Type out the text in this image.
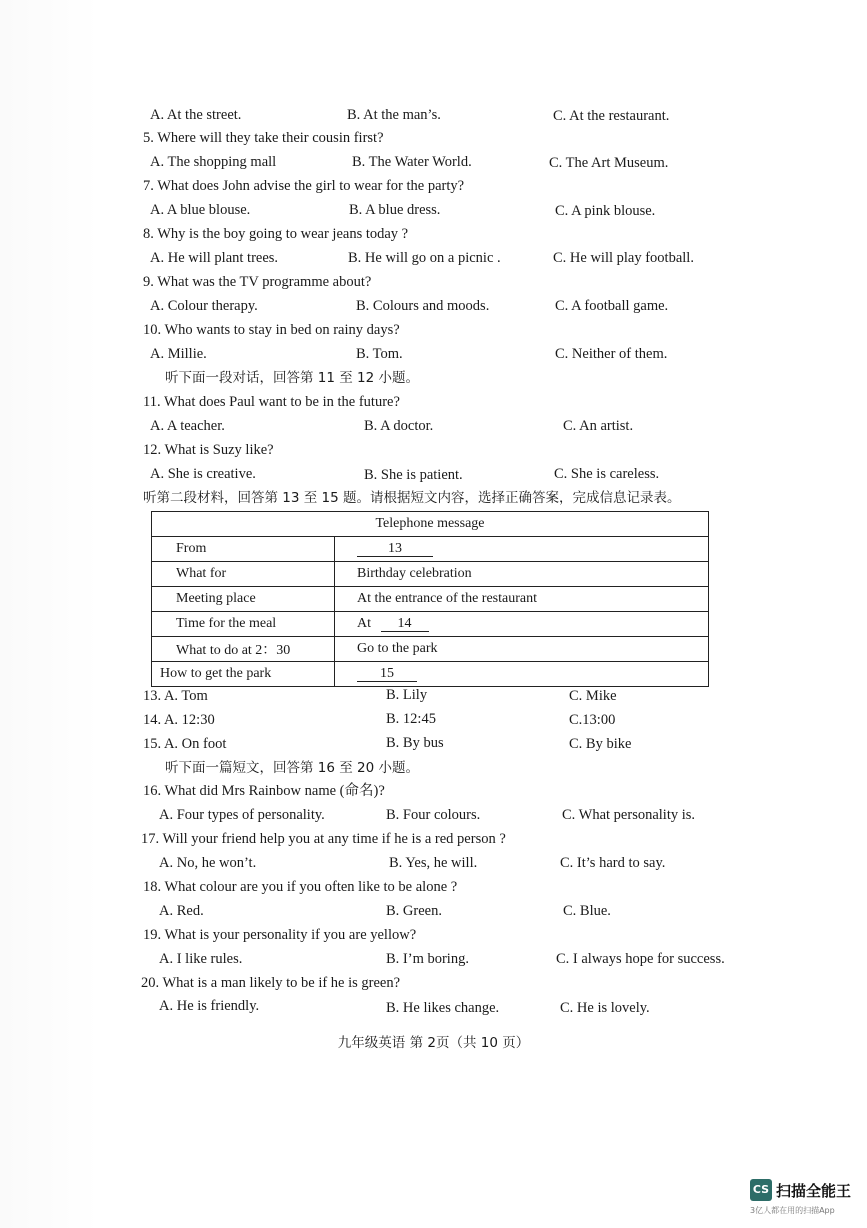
A. At the street.	B. At the man’s.	C. At the restaurant.
5. Where will they take their cousin first?
A. The shopping mall	B. The Water World.	C. The Art Museum.
7. What does John advise the girl to wear for the party?
A. A blue blouse.	B. A blue dress.	C. A pink blouse.
8. Why is the boy going to wear jeans today ?
A. He will plant trees.	B. He will go on a picnic .	C. He will play football.
9. What was the TV programme about?
A. Colour therapy.	B. Colours and moods.	C. A football game.
10. Who wants to stay in bed on rainy days?
A. Millie.	B. Tom.	C. Neither of them.
听下面一段对话，回答第 11 至 12 小题。
11. What does Paul want to be in the future?
A. A teacher.	B. A doctor.	C. An artist.
12. What is Suzy like?
A. She is creative.	B. She is patient.	C. She is careless.
听第二段材料，回答第 13 至 15 题。请根据短文内容，选择正确答案，完成信息记录表。
Telephone message	
From	13
What for	Birthday celebration
Meeting place	At the entrance of the restaurant
Time for the meal	At 14
What to do at 2：30	Go to the park
How to get the park	15
13. A. Tom	B. Lily	C. Mike
14. A. 12:30	B. 12:45	C.13:00
15. A. On foot	B. By bus	C. By bike
听下面一篇短文，回答第 16 至 20 小题。
16. What did Mrs Rainbow name (命名)?
A. Four types of personality.	B. Four colours.	C. What personality is.
17. Will your friend help you at any time if he is a red person ?
A. No, he won’t.	B. Yes, he will.	C. It’s hard to say.
18. What colour are you if you often like to be alone ?
A. Red.	B. Green.	C. Blue.
19. What is your personality if you are yellow?
A. I like rules.	B. I’m boring.	C. I always hope for success.
20. What is a man likely to be if he is green?
A. He is friendly.	B. He likes change.	C. He is lovely.
九年级英语 第 2页（共 10 页）
CS 扫描全能王
3亿人都在用的扫描App
